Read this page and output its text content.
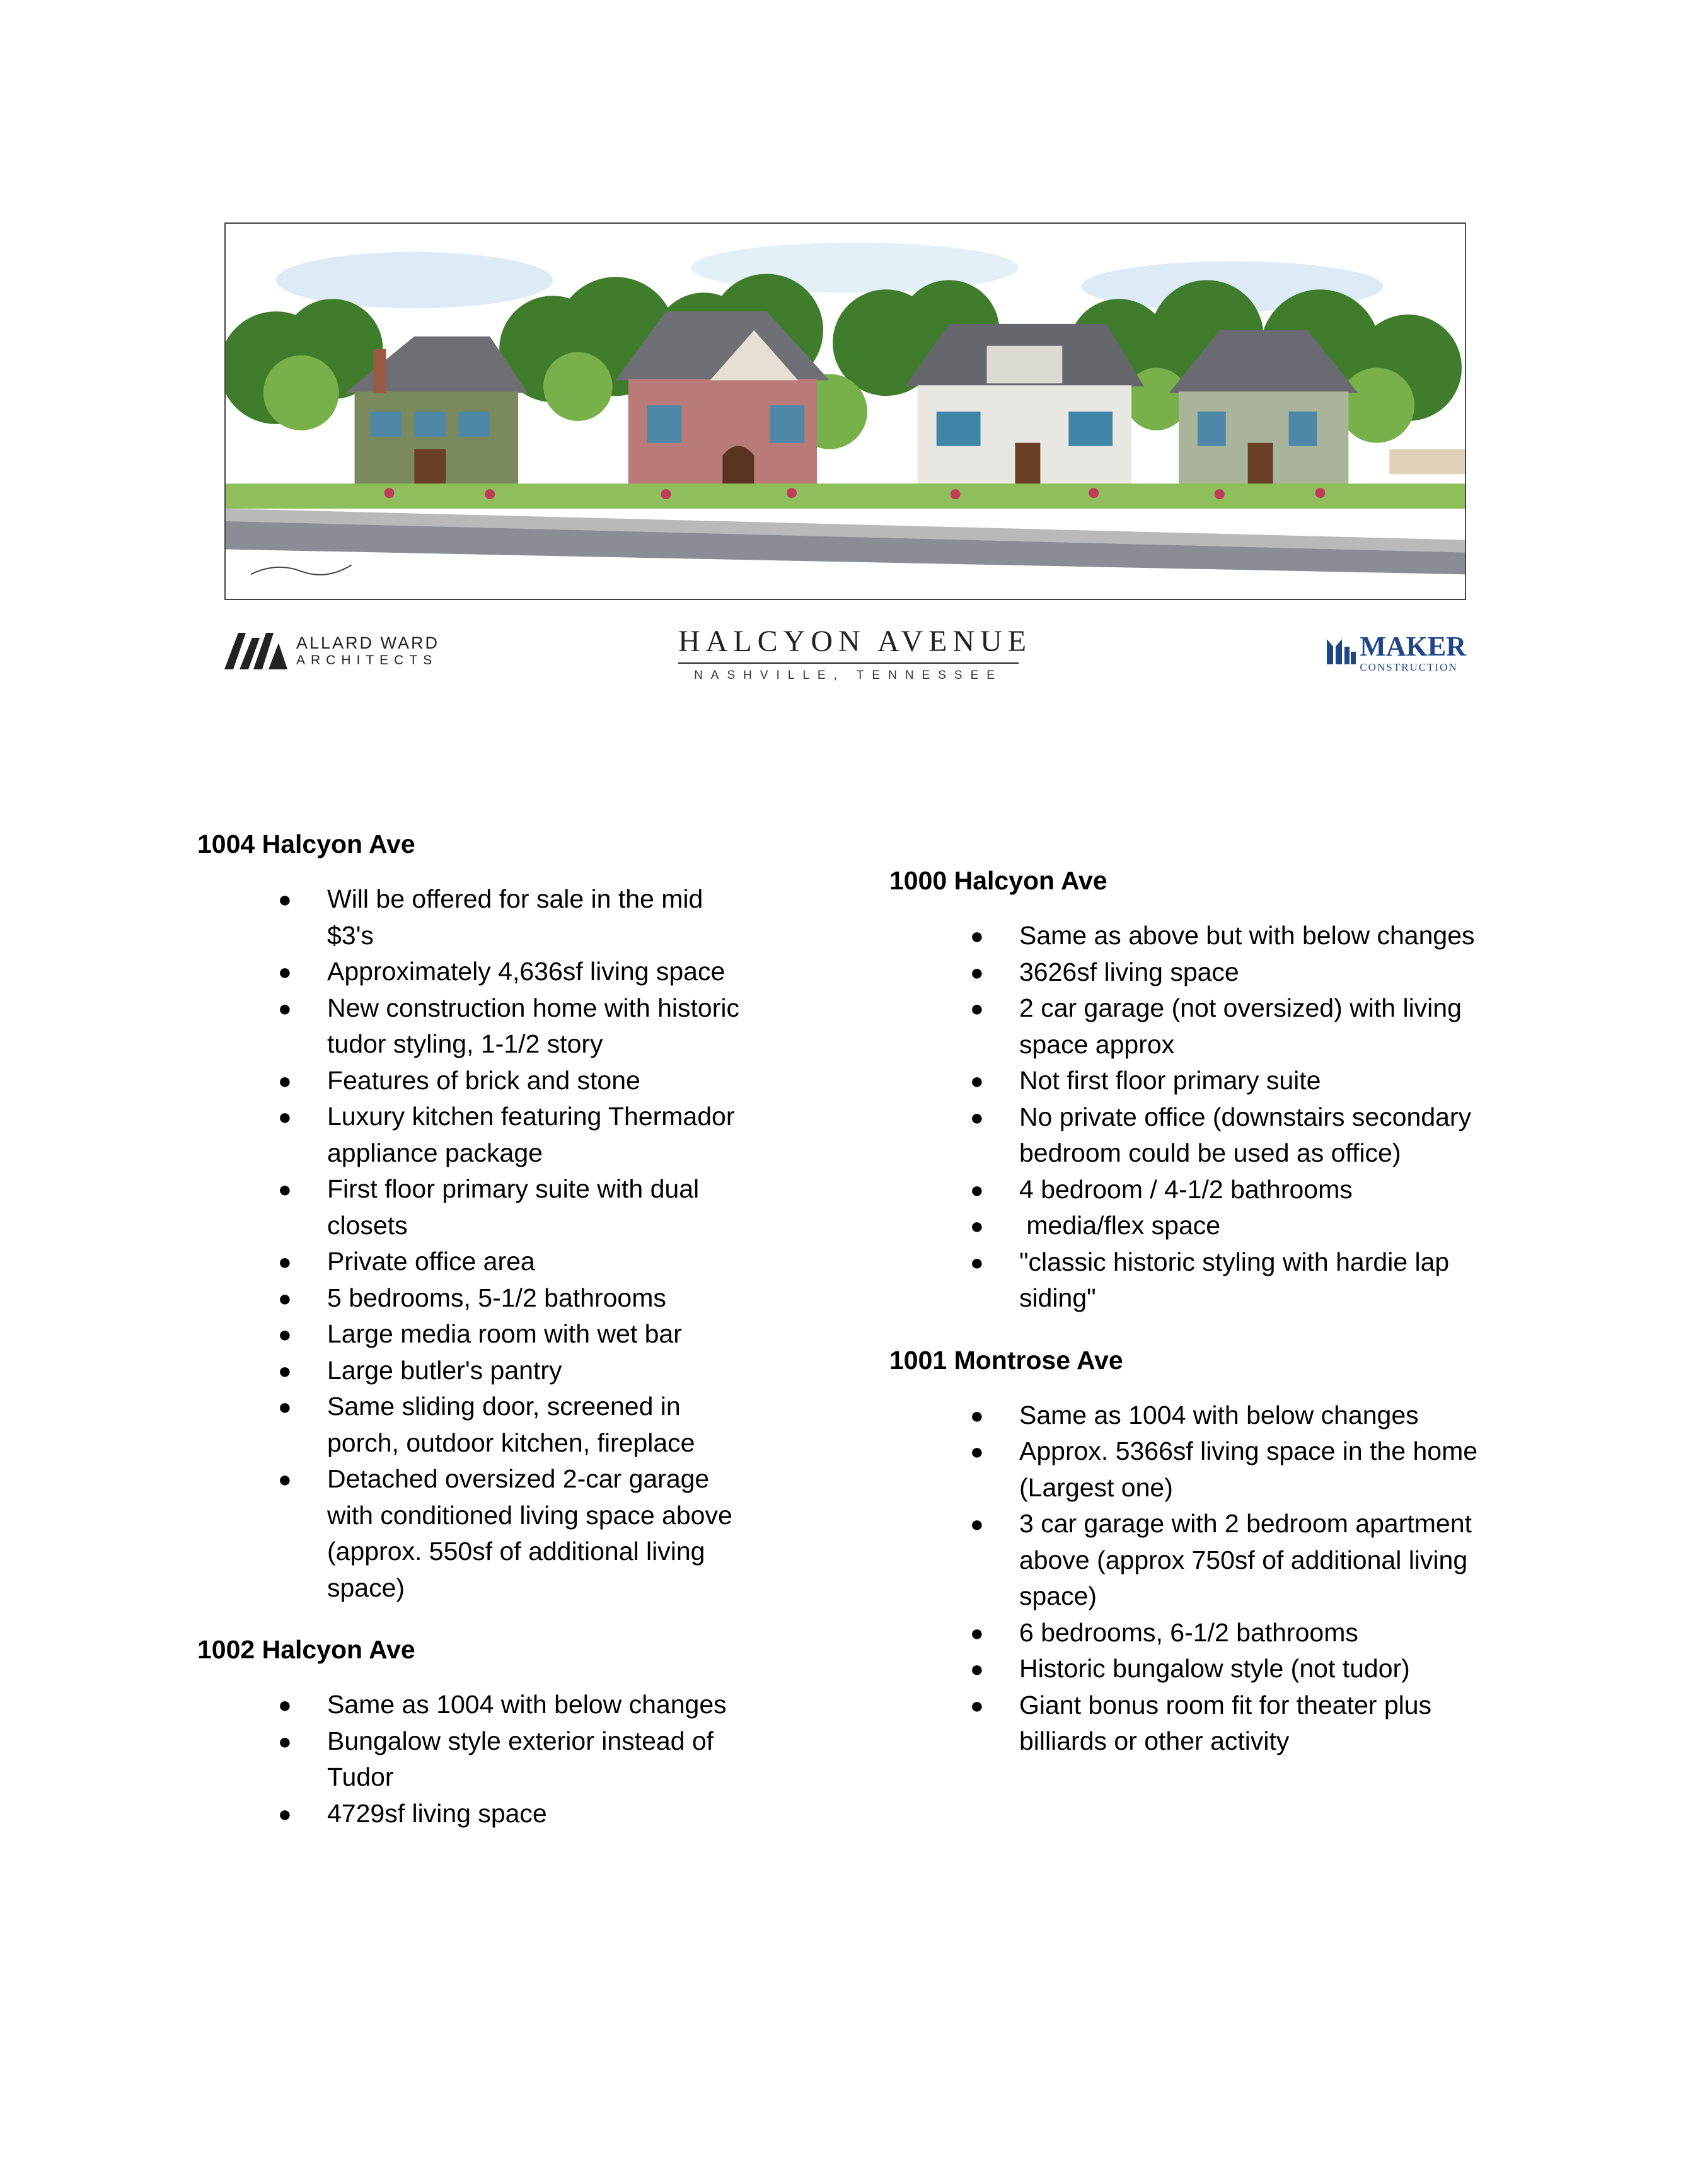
ALLARD WARD
ARCHITECTS
HALCYON AVENUE
NASHVILLE, TENNESSEE
MAKER
CONSTRUCTION
1004 Halcyon Ave
● Will be offered for sale in the mid $3's
● Approximately 4,636sf living space
● New construction home with historic tudor styling, 1-1/2 story
● Features of brick and stone
● Luxury kitchen featuring Thermador appliance package
● First floor primary suite with dual closets
● Private office area
● 5 bedrooms, 5-1/2 bathrooms
● Large media room with wet bar
● Large butler's pantry
● Same sliding door, screened in porch, outdoor kitchen, fireplace
● Detached oversized 2-car garage with conditioned living space above (approx. 550sf of additional living space)
1002 Halcyon Ave
● Same as 1004 with below changes
● Bungalow style exterior instead of Tudor
● 4729sf living space
1000 Halcyon Ave
● Same as above but with below changes
● 3626sf living space
● 2 car garage (not oversized) with living space approx
● Not first floor primary suite
● No private office (downstairs secondary bedroom could be used as office)
● 4 bedroom / 4-1/2 bathrooms
● media/flex space
● "classic historic styling with hardie lap siding"
1001 Montrose Ave
● Same as 1004 with below changes
● Approx. 5366sf living space in the home (Largest one)
● 3 car garage with 2 bedroom apartment above (approx 750sf of additional living space)
● 6 bedrooms, 6-1/2 bathrooms
● Historic bungalow style (not tudor)
● Giant bonus room fit for theater plus billiards or other activity
